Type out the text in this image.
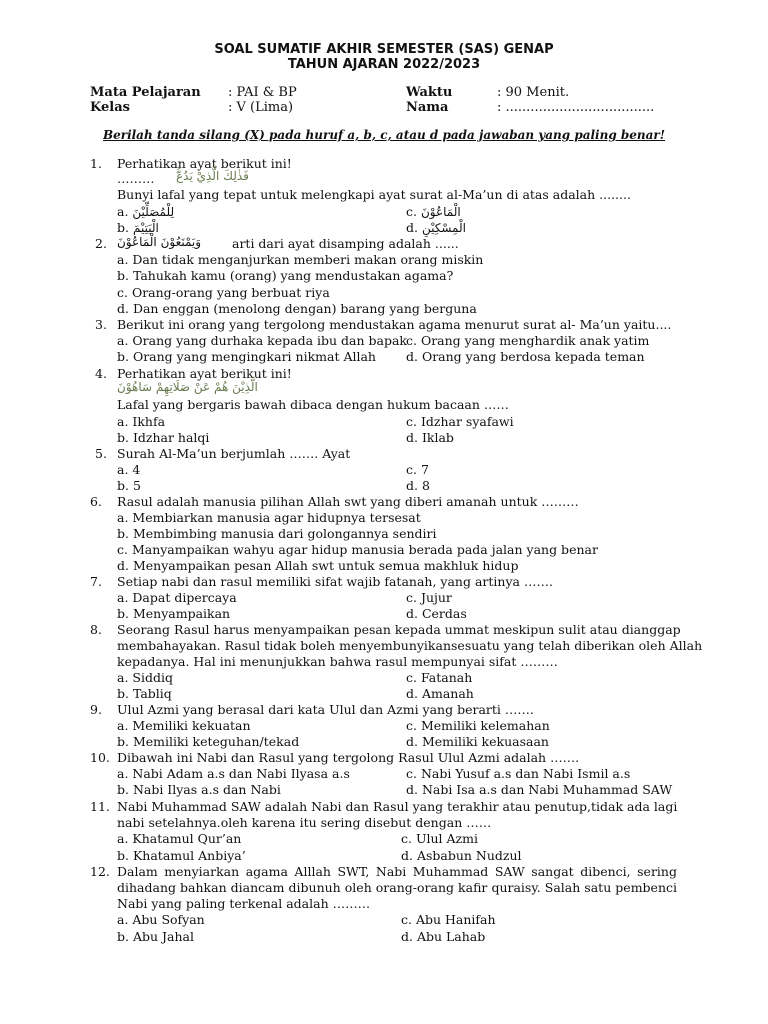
SOAL SUMATIF AKHIR SEMESTER (SAS) GENAP
TAHUN AJARAN 2022/2023
Mata Pelajaran : PAI & BP	Waktu	: 90 Menit.
Kelas	: V (Lima)	Nama	: ....................................
Berilah tanda silang (X) pada huruf a, b, c, atau d pada jawaban yang paling benar!
1. Perhatikan ayat berikut ini!
……… فَذٰلِكَ الَّذِيْ يَدُعُّ
Bunyi lafal yang tepat untuk melengkapi ayat surat al-Ma’un di atas adalah ........
a. لِلْمُصَلِّيْنَ	c. الْمَاعُوْنَ
b. الْيَتِيْمَ	d. الْمِسْكِيْنِ
2. وَيَمْنَعُوْنَ الْمَاعُوْنَ arti dari ayat disamping adalah ......
a. Dan tidak menganjurkan memberi makan orang miskin
b. Tahukah kamu (orang) yang mendustakan agama?
c. Orang-orang yang berbuat riya
d. Dan enggan (menolong dengan) barang yang berguna
3. Berikut ini orang yang tergolong mendustakan agama menurut surat al- Ma’un yaitu....
a. Orang yang durhaka kepada ibu dan bapak
c. Orang yang menghardik anak yatim
b. Orang yang mengingkari nikmat Allah d. Orang yang berdosa kepada teman
4. Perhatikan ayat berikut ini!
الَّذِيْنَ هُمْ عَنْ صَلَاتِهِمْ سَاهُوْنَ
Lafal yang bergaris bawah dibaca dengan hukum bacaan ……
a. Ikhfa	c. Idzhar syafawi
b. Idzhar halqi	d. Iklab
5. Surah Al-Ma’un berjumlah ……. Ayat
a. 4	c. 7
b. 5	d. 8
6. Rasul adalah manusia pilihan Allah swt yang diberi amanah untuk ………
a. Membiarkan manusia agar hidupnya tersesat
b. Membimbing manusia dari golongannya sendiri
c. Manyampaikan wahyu agar hidup manusia berada pada jalan yang benar
d. Menyampaikan pesan Allah swt untuk semua makhluk hidup
7. Setiap nabi dan rasul memiliki sifat wajib fatanah, yang artinya …….
a. Dapat dipercaya	c. Jujur
b. Menyampaikan	d. Cerdas
8. Seorang Rasul harus menyampaikan pesan kepada ummat meskipun sulit atau dianggap
membahayakan. Rasul tidak boleh menyembunyikansesuatu yang telah diberikan oleh Allah
kepadanya. Hal ini menunjukkan bahwa rasul mempunyai sifat ………
a. Siddiq	c. Fatanah
b. Tabliq	d. Amanah
9. Ulul Azmi yang berasal dari kata Ulul dan Azmi yang berarti …….
a. Memiliki kekuatan	c. Memiliki kelemahan
b. Memiliki keteguhan/tekad	d. Memiliki kekuasaan
10. Dibawah ini Nabi dan Rasul yang tergolong Rasul Ulul Azmi adalah …….
a. Nabi Adam a.s dan Nabi Ilyasa a.s	c. Nabi Yusuf a.s dan Nabi Ismil a.s
b. Nabi Ilyas a.s dan Nabi	d. Nabi Isa a.s dan Nabi Muhammad SAW
11. Nabi Muhammad SAW adalah Nabi dan Rasul yang terakhir atau penutup,tidak ada lagi
nabi setelahnya.oleh karena itu sering disebut dengan ……
a. Khatamul Qur’an	c. Ulul Azmi
b. Khatamul Anbiya’	d. Asbabun Nudzul
12. Dalam menyiarkan agama Alllah SWT, Nabi Muhammad SAW sangat dibenci, sering
dihadang bahkan diancam dibunuh oleh orang-orang kafir quraisy. Salah satu pembenci
Nabi yang paling terkenal adalah ………
a. Abu Sofyan	c. Abu Hanifah
b. Abu Jahal	d. Abu Lahab
